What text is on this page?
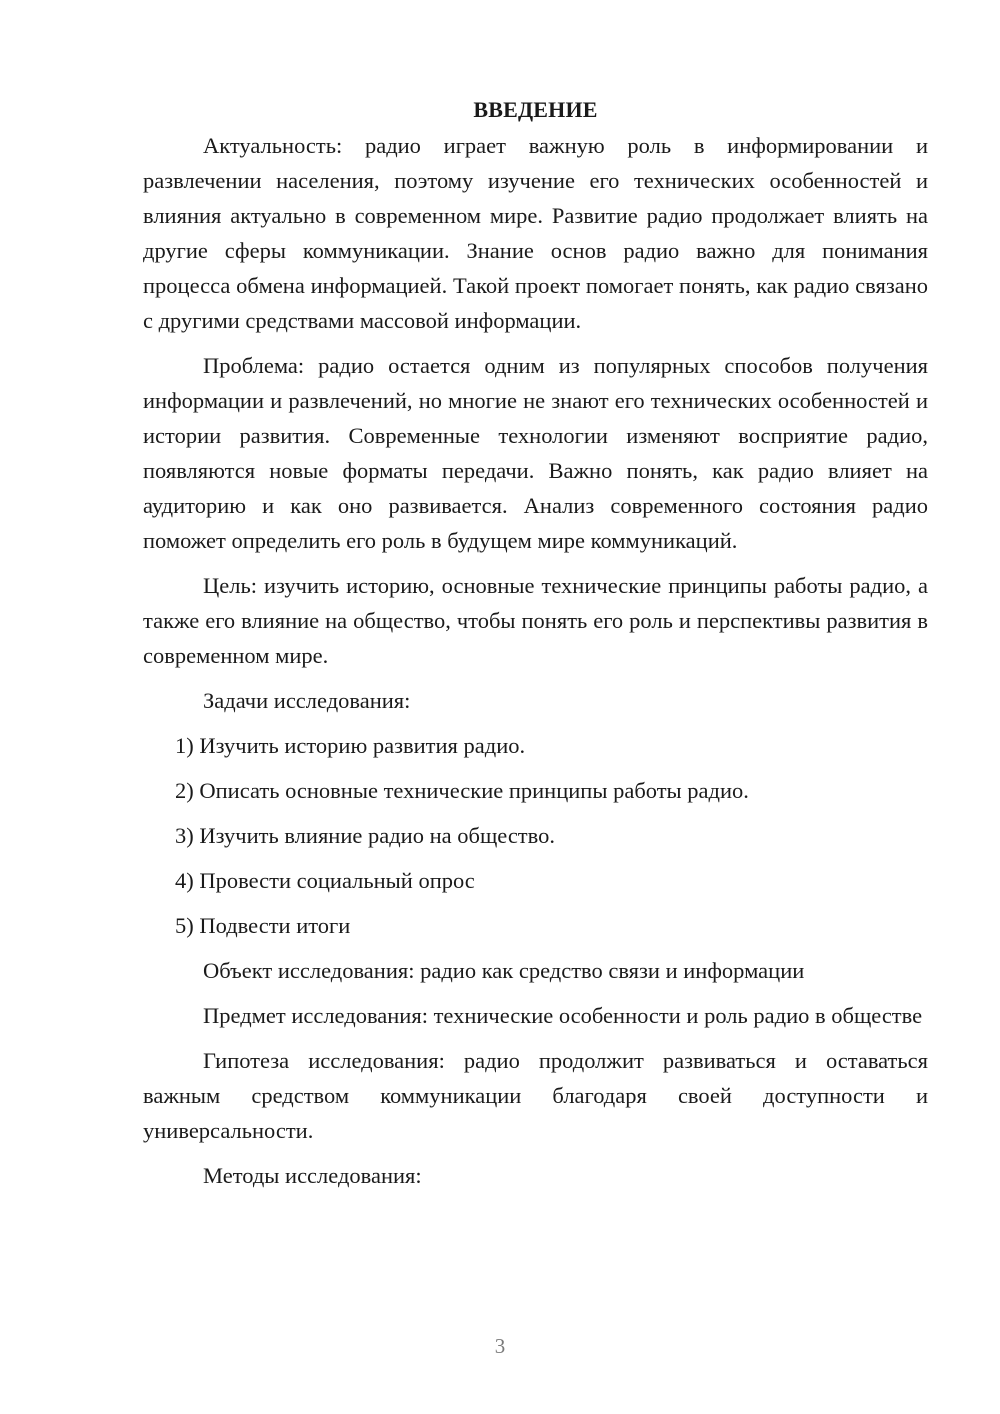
ВВЕДЕНИЕ

Актуальность: радио играет важную роль в информировании и развлечении населения, поэтому изучение его технических особенностей и влияния актуально в современном мире. Развитие радио продолжает влиять на другие сферы коммуникации. Знание основ радио важно для понимания процесса обмена информацией. Такой проект помогает понять, как радио связано с другими средствами массовой информации.

Проблема: радио остается одним из популярных способов получения информации и развлечений, но многие не знают его технических особенностей и истории развития. Современные технологии изменяют восприятие радио, появляются новые форматы передачи. Важно понять, как радио влияет на аудиторию и как оно развивается. Анализ современного состояния радио поможет определить его роль в будущем мире коммуникаций.

Цель: изучить историю, основные технические принципы работы радио, а также его влияние на общество, чтобы понять его роль и перспективы развития в современном мире.

Задачи исследования:
1) Изучить историю развития радио.
2) Описать основные технические принципы работы радио.
3) Изучить влияние радио на общество.
4) Провести социальный опрос
5) Подвести итоги

Объект исследования: радио как средство связи и информации

Предмет исследования: технические особенности и роль радио в обществе

Гипотеза исследования: радио продолжит развиваться и оставаться важным средством коммуникации благодаря своей доступности и универсальности.

Методы исследования:
3
